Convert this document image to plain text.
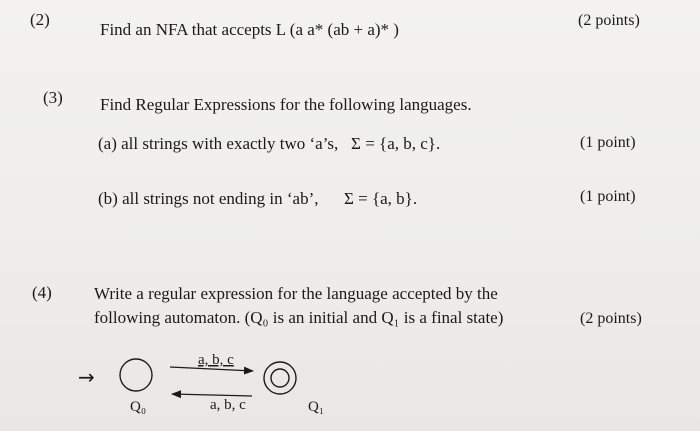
(2)
Find an NFA that accepts L (a a* (ab + a)* )	(2 points)
(3) Find Regular Expressions for the following languages.
(a) all strings with exactly two ‘a’s,   Σ = {a, b, c}.	(1 point)
(b) all strings not ending in ‘ab’,      Σ = {a, b}.	(1 point)
(4) Write a regular expression for the language accepted by the
following automaton. (Q₀ is an initial and Q₁ is a final state)	(2 points)
→
a, b, c
a, b, c
Q₀	Q₁
